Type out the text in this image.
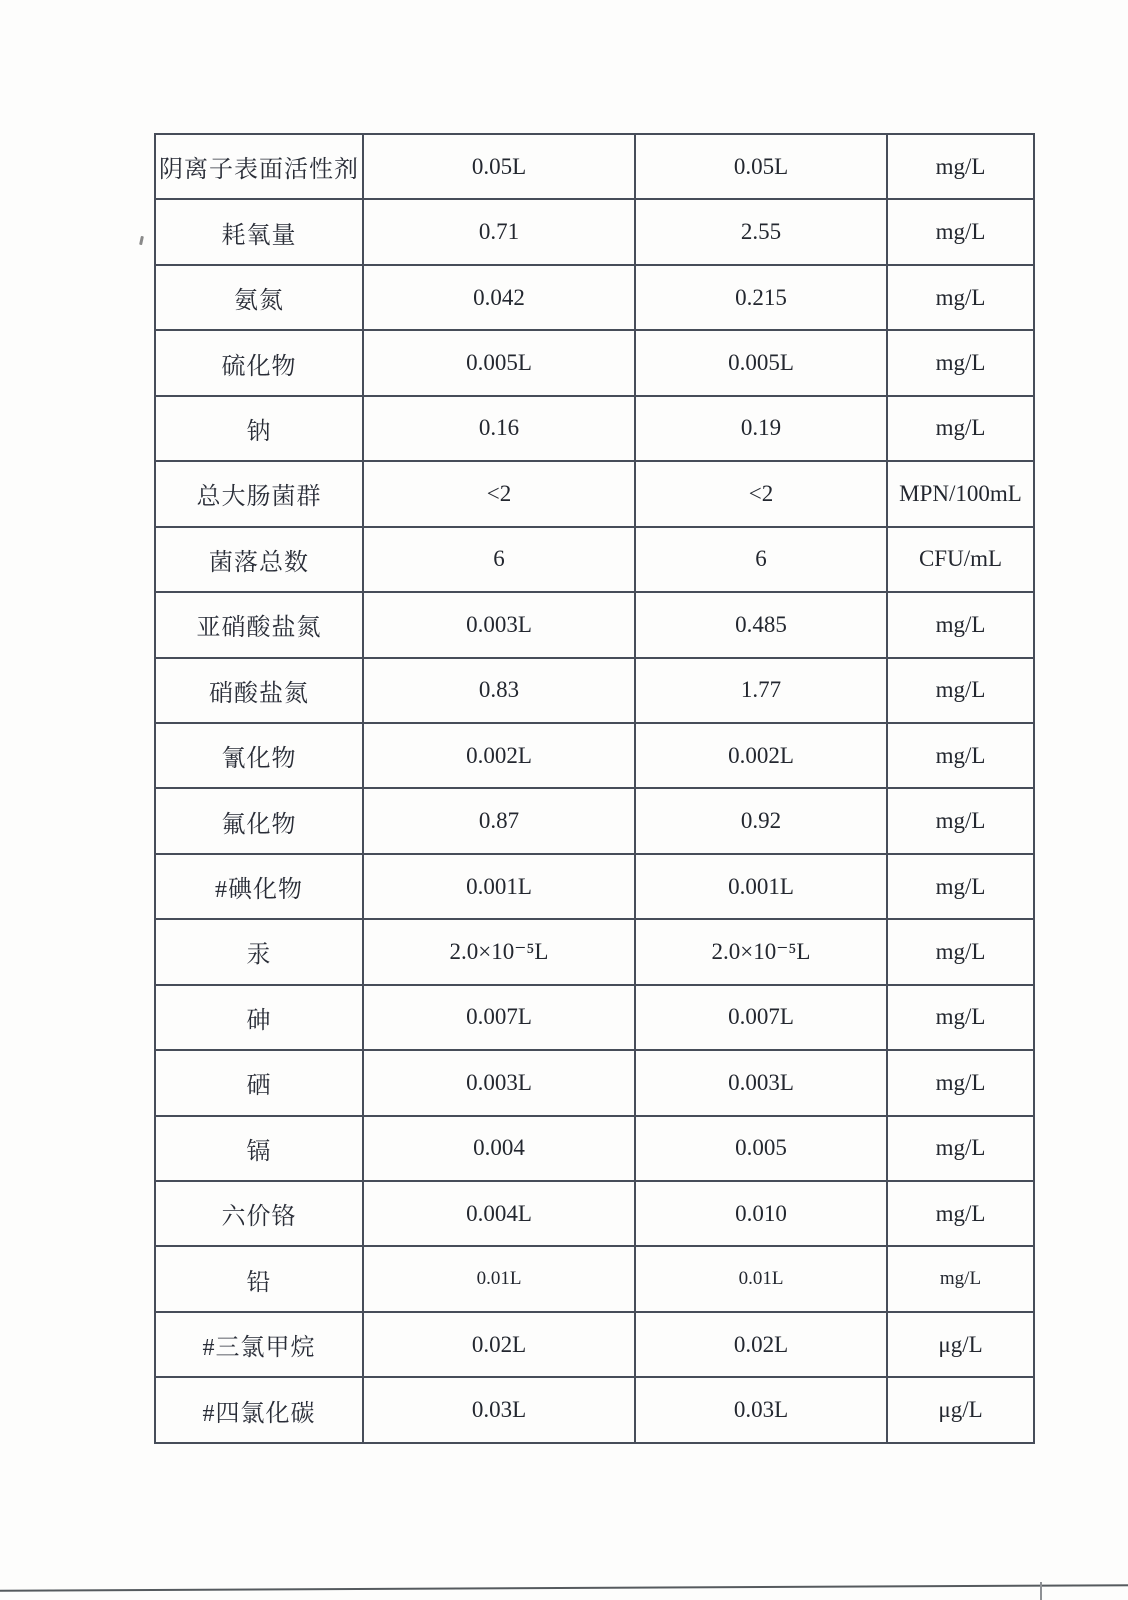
阴离子表面活性剂	0.05L	0.05L	mg/L
耗氧量	0.71	2.55	mg/L
氨氮	0.042	0.215	mg/L
硫化物	0.005L	0.005L	mg/L
钠	0.16	0.19	mg/L
总大肠菌群	<2	<2	MPN/100mL
菌落总数	6	6	CFU/mL
亚硝酸盐氮	0.003L	0.485	mg/L
硝酸盐氮	0.83	1.77	mg/L
氰化物	0.002L	0.002L	mg/L
氟化物	0.87	0.92	mg/L
#碘化物	0.001L	0.001L	mg/L
汞	2.0×10⁻⁵L	2.0×10⁻⁵L	mg/L
砷	0.007L	0.007L	mg/L
硒	0.003L	0.003L	mg/L
镉	0.004	0.005	mg/L
六价铬	0.004L	0.010	mg/L
铅	0.01L	0.01L	mg/L
#三氯甲烷	0.02L	0.02L	μg/L
#四氯化碳	0.03L	0.03L	μg/L
